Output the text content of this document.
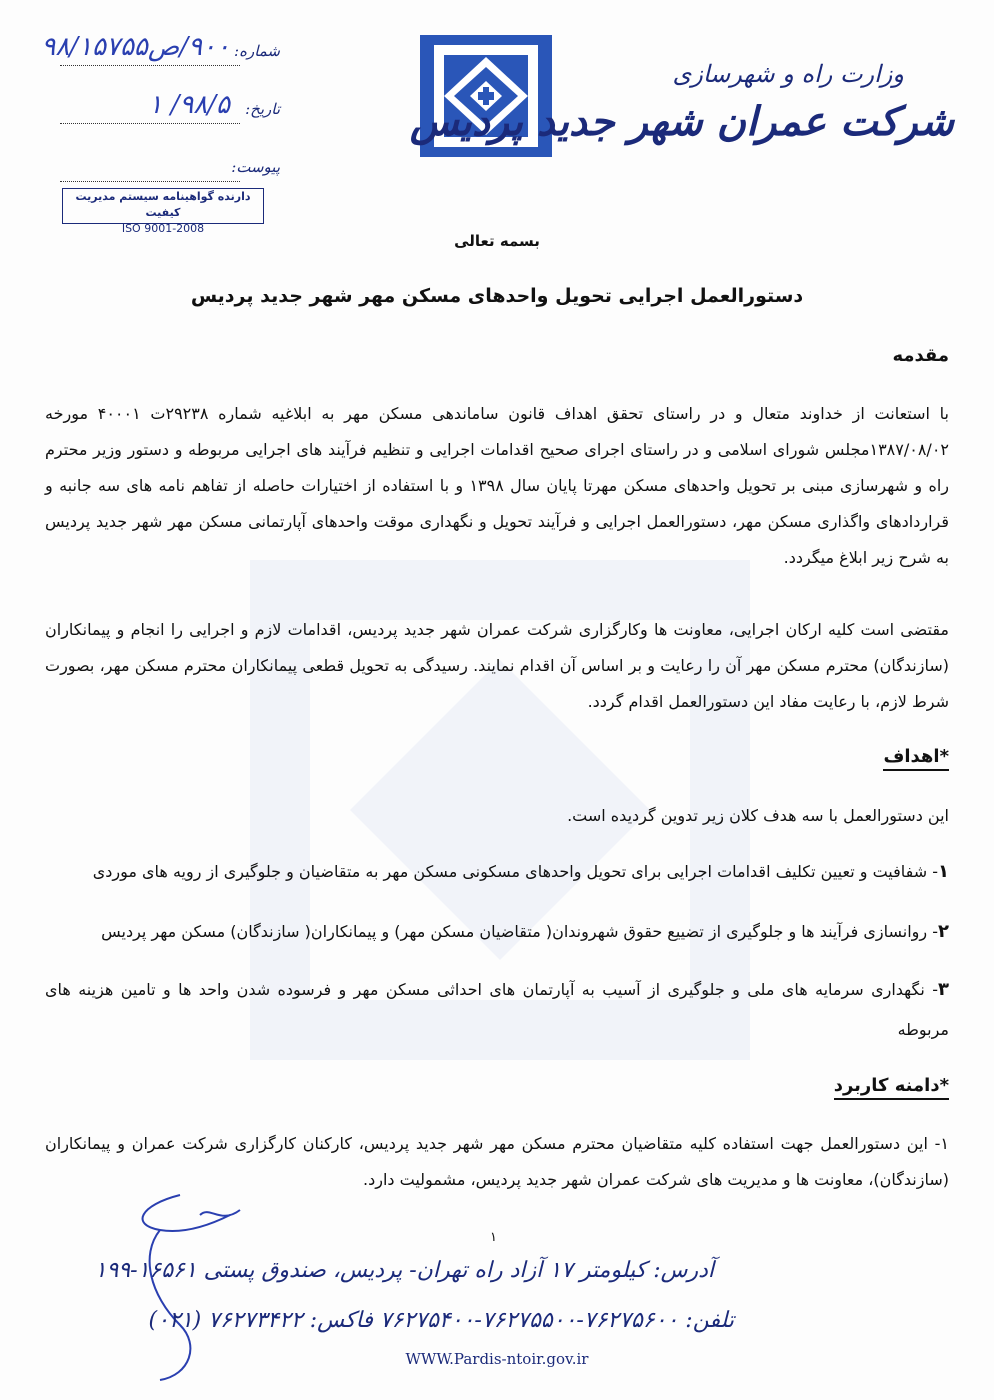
وزارت راه و شهرسازی
شرکت عمران شهر جدید پردیس
شماره:
۹۰۰/ص۹۸/۱۵۷۵۵
تاریخ:
۹۸/۵/ ۱
پیوست:
دارنده گواهینامه سیستم مدیریت کیفیت
ISO 9001-2008
بسمه تعالی
دستورالعمل اجرایی تحویل واحدهای مسکن مهر شهر جدید پردیس
مقدمه
با استعانت از خداوند متعال و در راستای تحقق اهداف قانون ساماندهی مسکن مهر به ابلاغیه شماره ۲۹۲۳۸ت ۴۰۰۰۱ مورخه ۱۳۸۷/۰۸/۰۲مجلس شورای اسلامی و در راستای اجرای صحیح اقدامات اجرایی و تنظیم فرآیند های اجرایی مربوطه و دستور وزیر محترم راه و شهرسازی مبنی بر تحویل واحدهای مسکن مهرتا پایان سال ۱۳۹۸ و با استفاده از اختیارات حاصله از تفاهم نامه های سه جانبه و قراردادهای واگذاری مسکن مهر، دستورالعمل اجرایی و فرآیند تحویل و نگهداری موقت واحدهای آپارتمانی مسکن مهر شهر جدید پردیس به شرح زیر ابلاغ میگردد.
مقتضی است کلیه ارکان اجرایی، معاونت ها وکارگزاری شرکت عمران شهر جدید پردیس، اقدامات لازم و اجرایی را انجام و پیمانکاران (سازندگان) محترم مسکن مهر آن را رعایت و بر اساس آن اقدام نمایند. رسیدگی به تحویل قطعی پیمانکاران محترم مسکن مهر، بصورت شرط لازم، با رعایت مفاد این دستورالعمل اقدام گردد.
*اهداف
این دستورالعمل با سه هدف کلان زیر تدوین گردیده است.
۱- شفافیت و تعیین تکلیف اقدامات اجرایی برای تحویل واحدهای مسکونی مسکن مهر به متقاضیان و جلوگیری از رویه های موردی
۲- روانسازی فرآیند ها و جلوگیری از تضییع حقوق شهروندان( متقاضیان مسکن مهر) و پیمانکاران( سازندگان) مسکن مهر پردیس
۳- نگهداری سرمایه های ملی و جلوگیری از آسیب به آپارتمان های احداثی مسکن مهر و فرسوده شدن واحد ها و تامین هزینه های مربوطه
*دامنه کاربرد
۱- این دستورالعمل جهت استفاده کلیه متقاضیان محترم مسکن مهر شهر جدید پردیس، کارکنان کارگزاری شرکت عمران و پیمانکاران (سازندگان)، معاونت ها و مدیریت های شرکت عمران شهر جدید پردیس، مشمولیت دارد.
۱
آدرس: کیلومتر ۱۷ آزاد راه تهران- پردیس، صندوق پستی ۱۶۵۶۱-۱۹۹
تلفن: ۷۶۲۷۵۶۰۰-۷۶۲۷۵۵۰۰-۷۶۲۷۵۴۰۰ فاکس: ۷۶۲۷۳۴۲۲ (۰۲۱)
WWW.Pardis-ntoir.gov.ir
